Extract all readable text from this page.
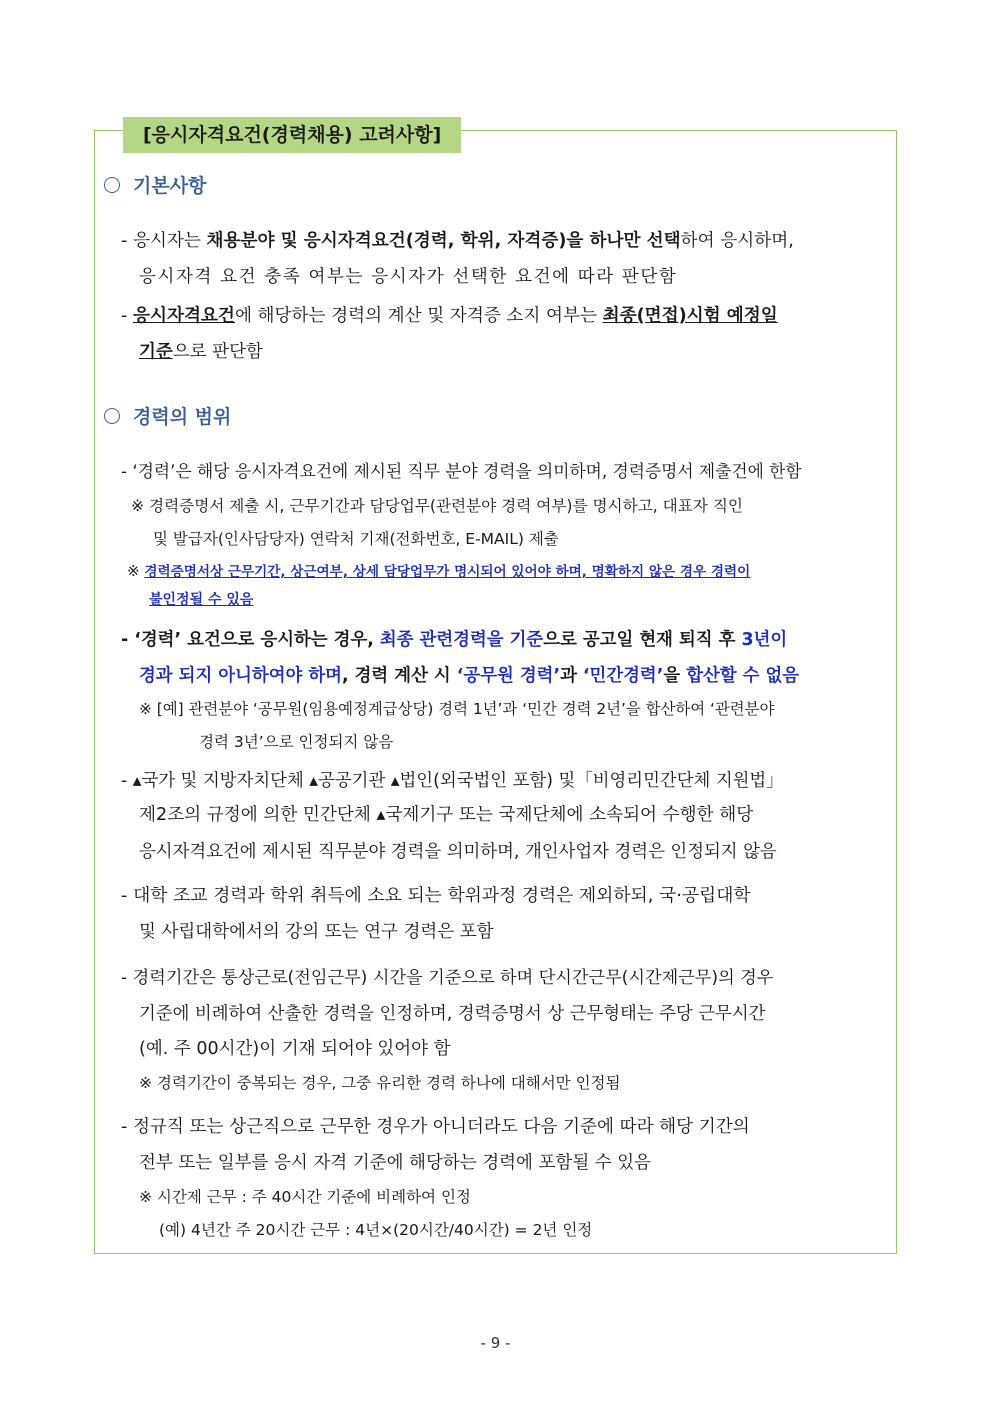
[응시자격요건(경력채용) 고려사항]
기본사항
- 응시자는 채용분야 및 응시자격요건(경력, 학위, 자격증)을 하나만 선택하여 응시하며,
응시자격 요건 충족 여부는 응시자가 선택한 요건에 따라 판단함
- 응시자격요건에 해당하는 경력의 계산 및 자격증 소지 여부는 최종(면접)시험 예정일
기준으로 판단함
경력의 범위
- ‘경력’은 해당 응시자격요건에 제시된 직무 분야 경력을 의미하며, 경력증명서 제출건에 한함
※ 경력증명서 제출 시, 근무기간과 담당업무(관련분야 경력 여부)를 명시하고, 대표자 직인
및 발급자(인사담당자) 연락처 기재(전화번호, E-MAIL) 제출
※ 경력증명서상 근무기간, 상근여부, 상세 담당업무가 명시되어 있어야 하며, 명확하지 않은 경우 경력이
불인정될 수 있음
- ‘경력’ 요건으로 응시하는 경우, 최종 관련경력을 기준으로 공고일 현재 퇴직 후 3년이
경과 되지 아니하여야 하며, 경력 계산 시 ‘공무원 경력’과 ‘민간경력’을 합산할 수 없음
※ [예] 관련분야 ‘공무원(임용예정계급상당) 경력 1년’과 ‘민간 경력 2년’을 합산하여 ‘관련분야
경력 3년’으로 인정되지 않음
- ▴국가 및 지방자치단체 ▴공공기관 ▴법인(외국법인 포함) 및「비영리민간단체 지원법」
제2조의 규정에 의한 민간단체 ▴국제기구 또는 국제단체에 소속되어 수행한 해당
응시자격요건에 제시된 직무분야 경력을 의미하며, 개인사업자 경력은 인정되지 않음
- 대학 조교 경력과 학위 취득에 소요 되는 학위과정 경력은 제외하되, 국·공립대학
및 사립대학에서의 강의 또는 연구 경력은 포함
- 경력기간은 통상근로(전임근무) 시간을 기준으로 하며 단시간근무(시간제근무)의 경우
기준에 비례하여 산출한 경력을 인정하며, 경력증명서 상 근무형태는 주당 근무시간
(예. 주 00시간)이 기재 되어야 있어야 함
※ 경력기간이 중복되는 경우, 그중 유리한 경력 하나에 대해서만 인정됨
- 정규직 또는 상근직으로 근무한 경우가 아니더라도 다음 기준에 따라 해당 기간의
전부 또는 일부를 응시 자격 기준에 해당하는 경력에 포함될 수 있음
※ 시간제 근무 : 주 40시간 기준에 비례하여 인정
(예) 4년간 주 20시간 근무 : 4년×(20시간/40시간) = 2년 인정
- 9 -
